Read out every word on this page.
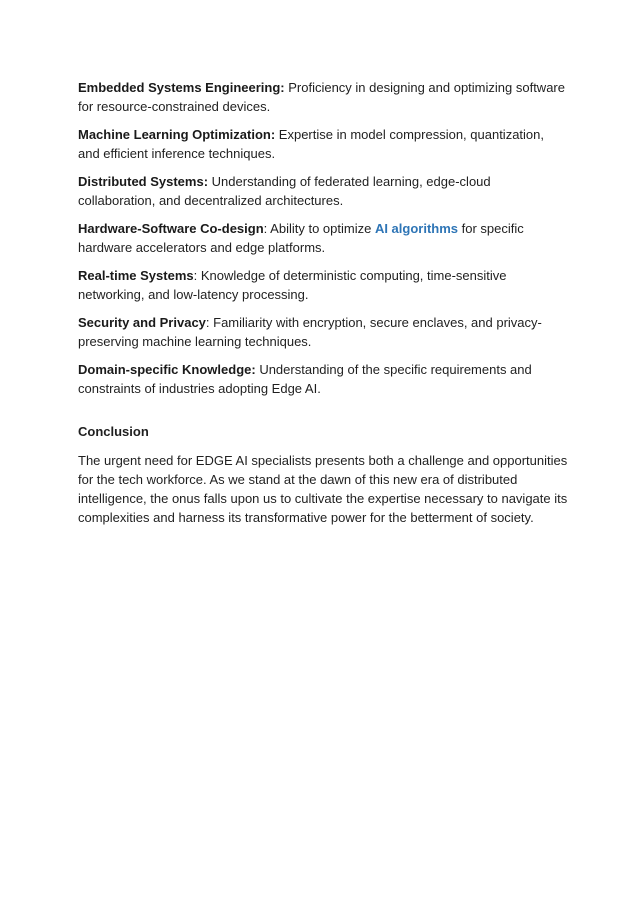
Embedded Systems Engineering: Proficiency in designing and optimizing software for resource-constrained devices.

Machine Learning Optimization: Expertise in model compression, quantization, and efficient inference techniques.

Distributed Systems: Understanding of federated learning, edge-cloud collaboration, and decentralized architectures.

Hardware-Software Co-design: Ability to optimize AI algorithms for specific hardware accelerators and edge platforms.

Real-time Systems: Knowledge of deterministic computing, time-sensitive networking, and low-latency processing.

Security and Privacy: Familiarity with encryption, secure enclaves, and privacy-preserving machine learning techniques.

Domain-specific Knowledge: Understanding of the specific requirements and constraints of industries adopting Edge AI.

Conclusion

The urgent need for EDGE AI specialists presents both a challenge and opportunities for the tech workforce. As we stand at the dawn of this new era of distributed intelligence, the onus falls upon us to cultivate the expertise necessary to navigate its complexities and harness its transformative power for the betterment of society.
